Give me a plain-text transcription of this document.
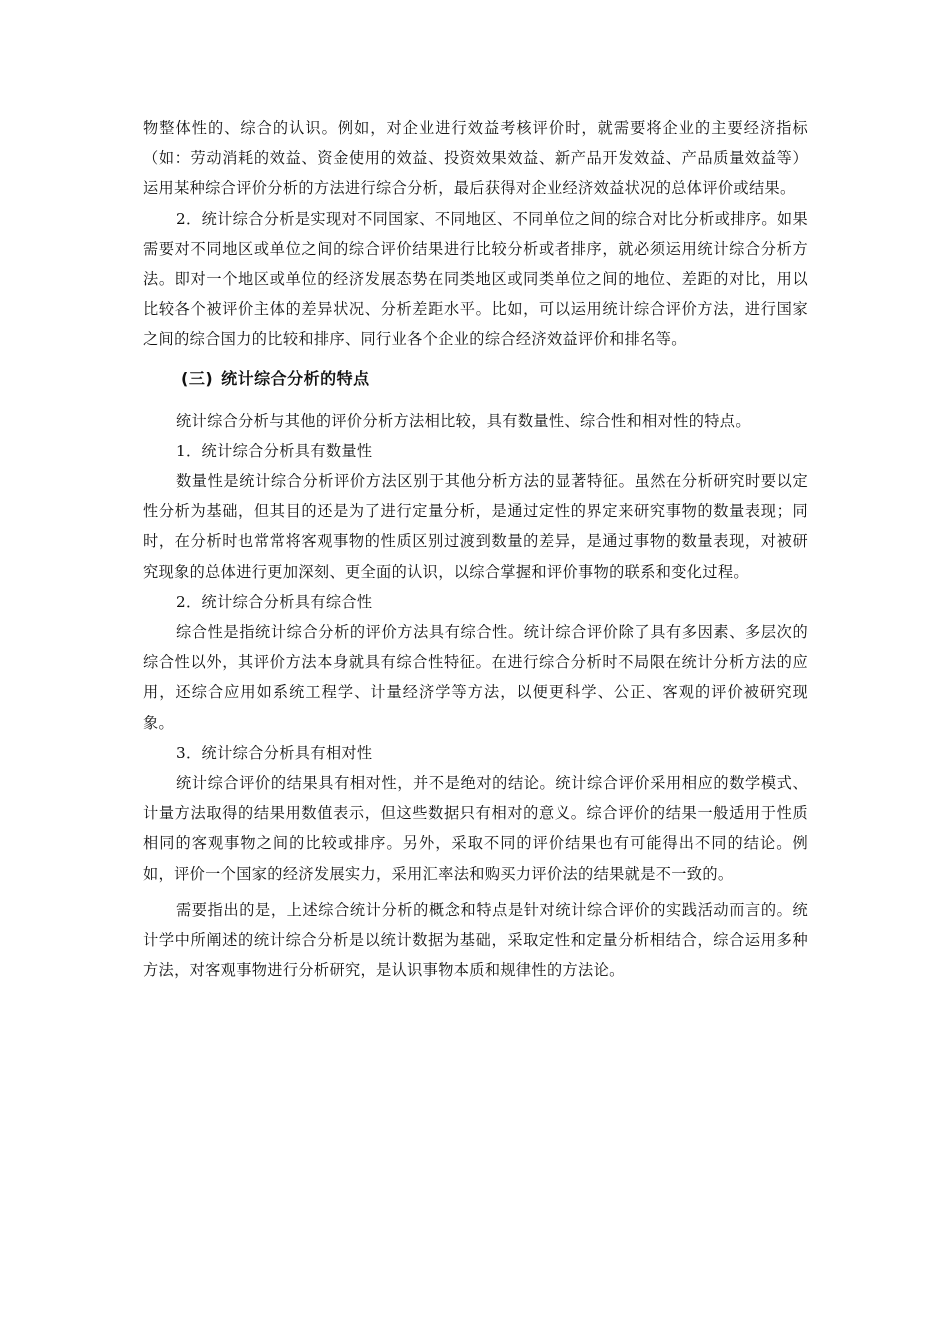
物整体性的、综合的认识。例如，对企业进行效益考核评价时，就需要将企业的主要经济指标（如：劳动消耗的效益、资金使用的效益、投资效果效益、新产品开发效益、产品质量效益等）运用某种综合评价分析的方法进行综合分析，最后获得对企业经济效益状况的总体评价或结果。

2．统计综合分析是实现对不同国家、不同地区、不同单位之间的综合对比分析或排序。如果需要对不同地区或单位之间的综合评价结果进行比较分析或者排序，就必须运用统计综合分析方法。即对一个地区或单位的经济发展态势在同类地区或同类单位之间的地位、差距的对比，用以比较各个被评价主体的差异状况、分析差距水平。比如，可以运用统计综合评价方法，进行国家之间的综合国力的比较和排序、同行业各个企业的综合经济效益评价和排名等。

(三) 统计综合分析的特点

统计综合分析与其他的评价分析方法相比较，具有数量性、综合性和相对性的特点。

1．统计综合分析具有数量性

数量性是统计综合分析评价方法区别于其他分析方法的显著特征。虽然在分析研究时要以定性分析为基础，但其目的还是为了进行定量分析，是通过定性的界定来研究事物的数量表现；同时，在分析时也常常将客观事物的性质区别过渡到数量的差异，是通过事物的数量表现，对被研究现象的总体进行更加深刻、更全面的认识，以综合掌握和评价事物的联系和变化过程。

2．统计综合分析具有综合性

综合性是指统计综合分析的评价方法具有综合性。统计综合评价除了具有多因素、多层次的综合性以外，其评价方法本身就具有综合性特征。在进行综合分析时不局限在统计分析方法的应用，还综合应用如系统工程学、计量经济学等方法，以便更科学、公正、客观的评价被研究现象。

3．统计综合分析具有相对性

统计综合评价的结果具有相对性，并不是绝对的结论。统计综合评价采用相应的数学模式、计量方法取得的结果用数值表示，但这些数据只有相对的意义。综合评价的结果一般适用于性质相同的客观事物之间的比较或排序。另外，采取不同的评价结果也有可能得出不同的结论。例如，评价一个国家的经济发展实力，采用汇率法和购买力评价法的结果就是不一致的。

需要指出的是，上述综合统计分析的概念和特点是针对统计综合评价的实践活动而言的。统计学中所阐述的统计综合分析是以统计数据为基础，采取定性和定量分析相结合，综合运用多种方法，对客观事物进行分析研究，是认识事物本质和规律性的方法论。
